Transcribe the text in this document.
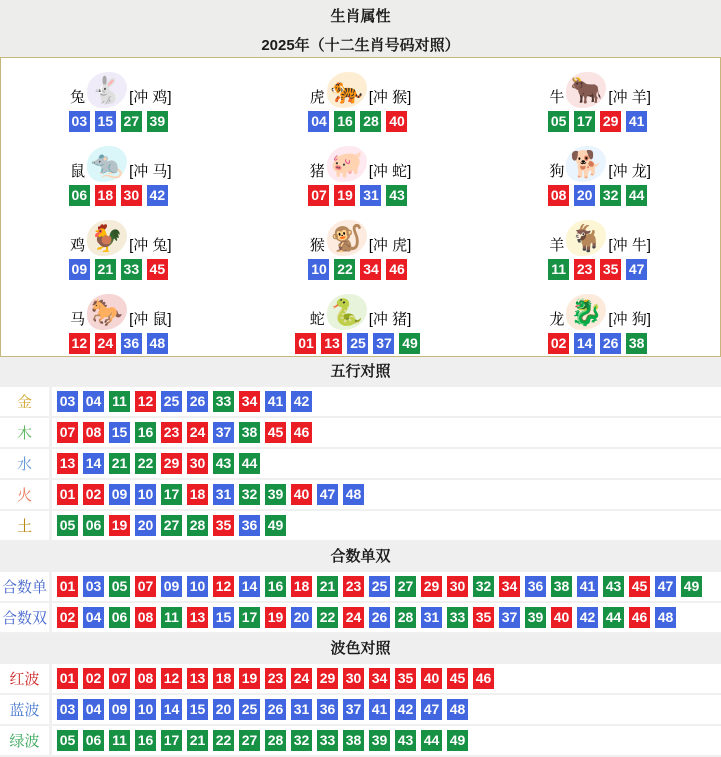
生肖属性
2025年（十二生肖号码对照）
兔 🐇 [冲 鸡]
03 15 27 39
虎 🐅 [冲 猴]
04 16 28 40
牛 🐂 [冲 羊]
05 17 29 41
鼠 🐀 [冲 马]
06 18 30 42
猪 🐖 [冲 蛇]
07 19 31 43
狗 🐕 [冲 龙]
08 20 32 44
鸡 🐓 [冲 兔]
09 21 33 45
猴 🐒 [冲 虎]
10 22 34 46
羊 🐐 [冲 牛]
11 23 35 47
马 🐎 [冲 鼠]
12 24 36 48
蛇 🐍 [冲 猪]
01 13 25 37 49
龙 🐉 [冲 狗]
02 14 26 38
五行对照
金	03 04 11 12 25 26 33 34 41 42
木	07 08 15 16 23 24 37 38 45 46
水	13 14 21 22 29 30 43 44
火	01 02 09 10 17 18 31 32 39 40 47 48
土	05 06 19 20 27 28 35 36 49
合数单双
合数单 01 03 05 07 09 10 12 14 16 18 21 23 25 27 29 30 32 34 36 38 41 43 45 47 49
合数双 02 04 06 08 11 13 15 17 19 20 22 24 26 28 31 33 35 37 39 40 42 44 46 48
波色对照
红波	01 02 07 08 12 13 18 19 23 24 29 30 34 35 40 45 46
蓝波	03 04 09 10 14 15 20 25 26 31 36 37 41 42 47 48
绿波	05 06 11 16 17 21 22 27 28 32 33 38 39 43 44 49
